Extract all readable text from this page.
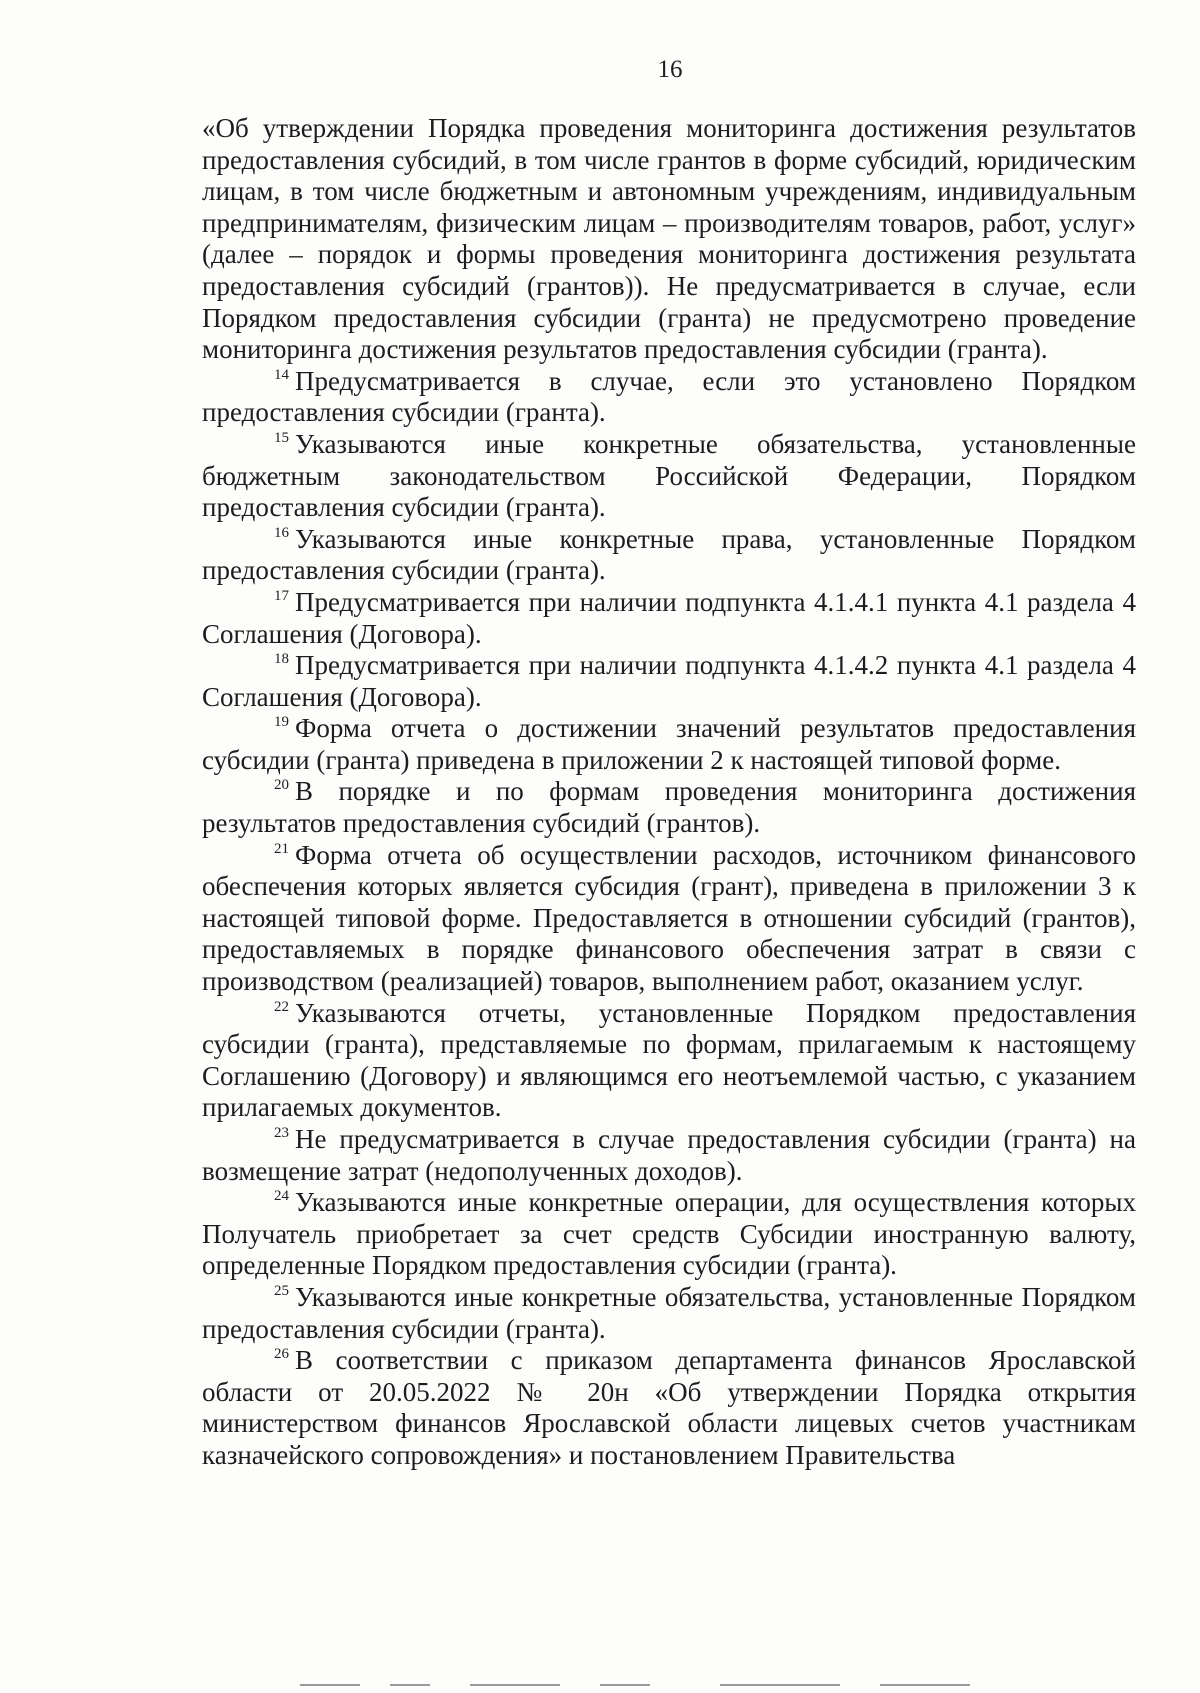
16

«Об утверждении Порядка проведения мониторинга достижения результатов предоставления субсидий, в том числе грантов в форме субсидий, юридическим лицам, в том числе бюджетным и автономным учреждениям, индивидуальным предпринимателям, физическим лицам – производителям товаров, работ, услуг» (далее – порядок и формы проведения мониторинга достижения результата предоставления субсидий (грантов)). Не предусматривается в случае, если Порядком предоставления субсидии (гранта) не предусмотрено проведение мониторинга достижения результатов предоставления субсидии (гранта).

$^{14}$ Предусматривается в случае, если это установлено Порядком предоставления субсидии (гранта).

$^{15}$ Указываются иные конкретные обязательства, установленные бюджетным законодательством Российской Федерации, Порядком предоставления субсидии (гранта).

$^{16}$ Указываются иные конкретные права, установленные Порядком предоставления субсидии (гранта).

$^{17}$ Предусматривается при наличии подпункта 4.1.4.1 пункта 4.1 раздела 4 Соглашения (Договора).

$^{18}$ Предусматривается при наличии подпункта 4.1.4.2 пункта 4.1 раздела 4 Соглашения (Договора).

$^{19}$ Форма отчета о достижении значений результатов предоставления субсидии (гранта) приведена в приложении 2 к настоящей типовой форме.

$^{20}$ В порядке и по формам проведения мониторинга достижения результатов предоставления субсидий (грантов).

$^{21}$ Форма отчета об осуществлении расходов, источником финансового обеспечения которых является субсидия (грант), приведена в приложении 3 к настоящей типовой форме. Предоставляется в отношении субсидий (грантов), предоставляемых в порядке финансового обеспечения затрат в связи с производством (реализацией) товаров, выполнением работ, оказанием услуг.

$^{22}$ Указываются отчеты, установленные Порядком предоставления субсидии (гранта), представляемые по формам, прилагаемым к настоящему Соглашению (Договору) и являющимся его неотъемлемой частью, с указанием прилагаемых документов.

$^{23}$ Не предусматривается в случае предоставления субсидии (гранта) на возмещение затрат (недополученных доходов).

$^{24}$ Указываются иные конкретные операции, для осуществления которых Получатель приобретает за счет средств Субсидии иностранную валюту, определенные Порядком предоставления субсидии (гранта).

$^{25}$ Указываются иные конкретные обязательства, установленные Порядком предоставления субсидии (гранта).

$^{26}$ В соответствии с приказом департамента финансов Ярославской области от 20.05.2022 № 20н «Об утверждении Порядка открытия министерством финансов Ярославской области лицевых счетов участникам казначейского сопровождения» и постановлением Правительства
